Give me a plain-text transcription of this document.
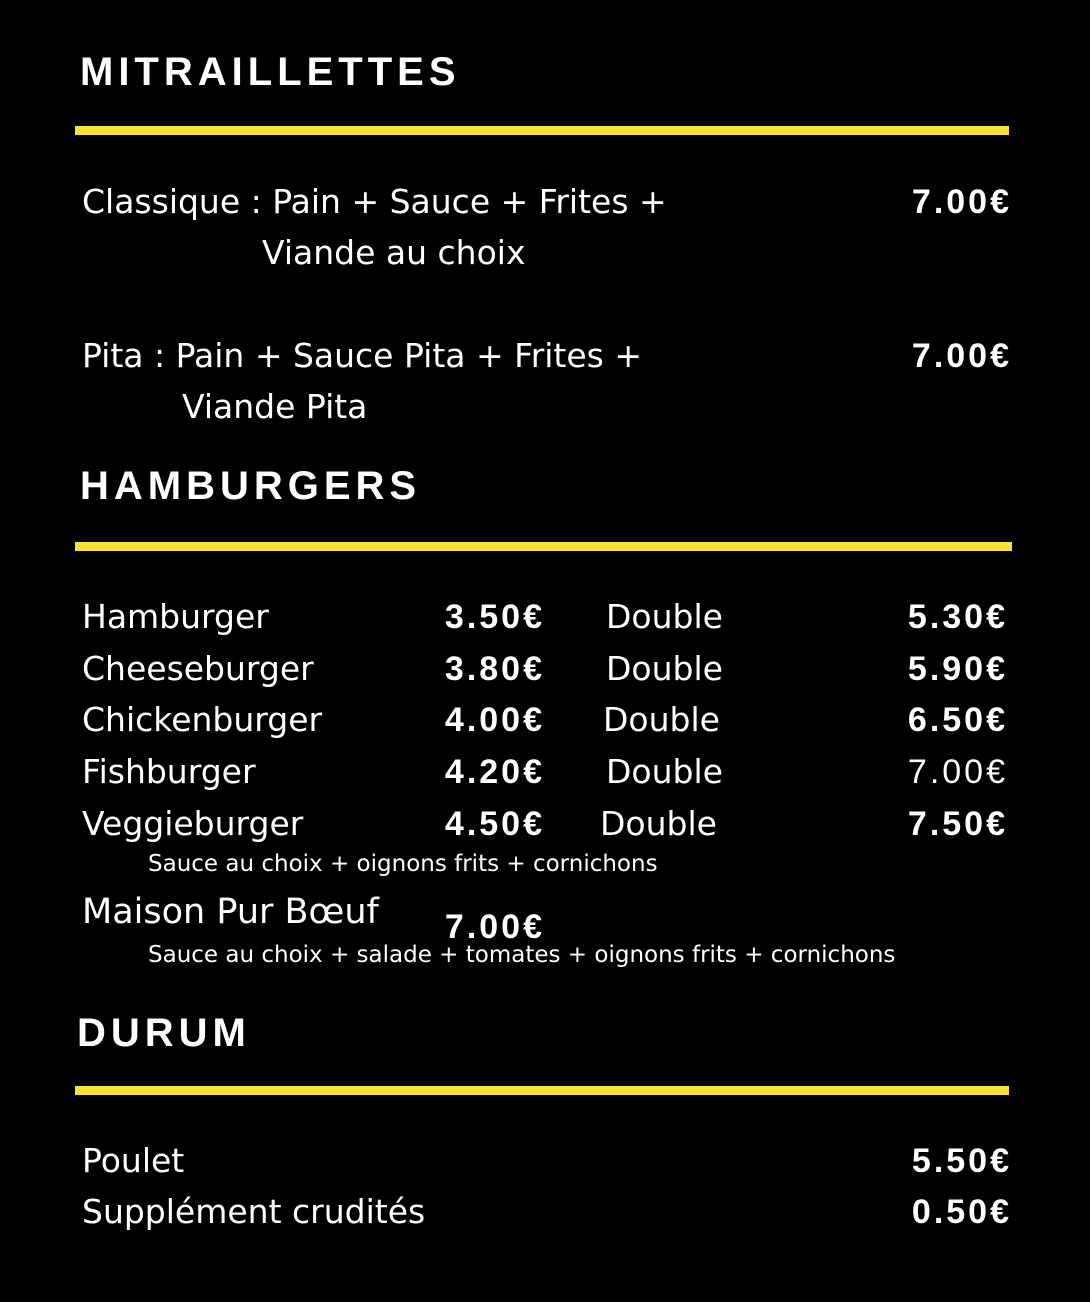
MITRAILLETTES
Classique : Pain + Sauce + Frites +
Viande au choix
7.00€
Pita : Pain + Sauce Pita + Frites +
Viande Pita
7.00€
HAMBURGERS
Hamburger	3.50€ Double	5.30€
Cheeseburger	3.80€ Double	5.90€
Chickenburger	4.00€ Double	6.50€
Fishburger	4.20€ Double	7.00€
Veggieburger	4.50€ Double	7.50€
Sauce au choix + oignons frits + cornichons
Maison Pur Bœuf 7.00€
Sauce au choix + salade + tomates + oignons frits + cornichons
DURUM
Poulet	5.50€
Supplément crudités	0.50€
